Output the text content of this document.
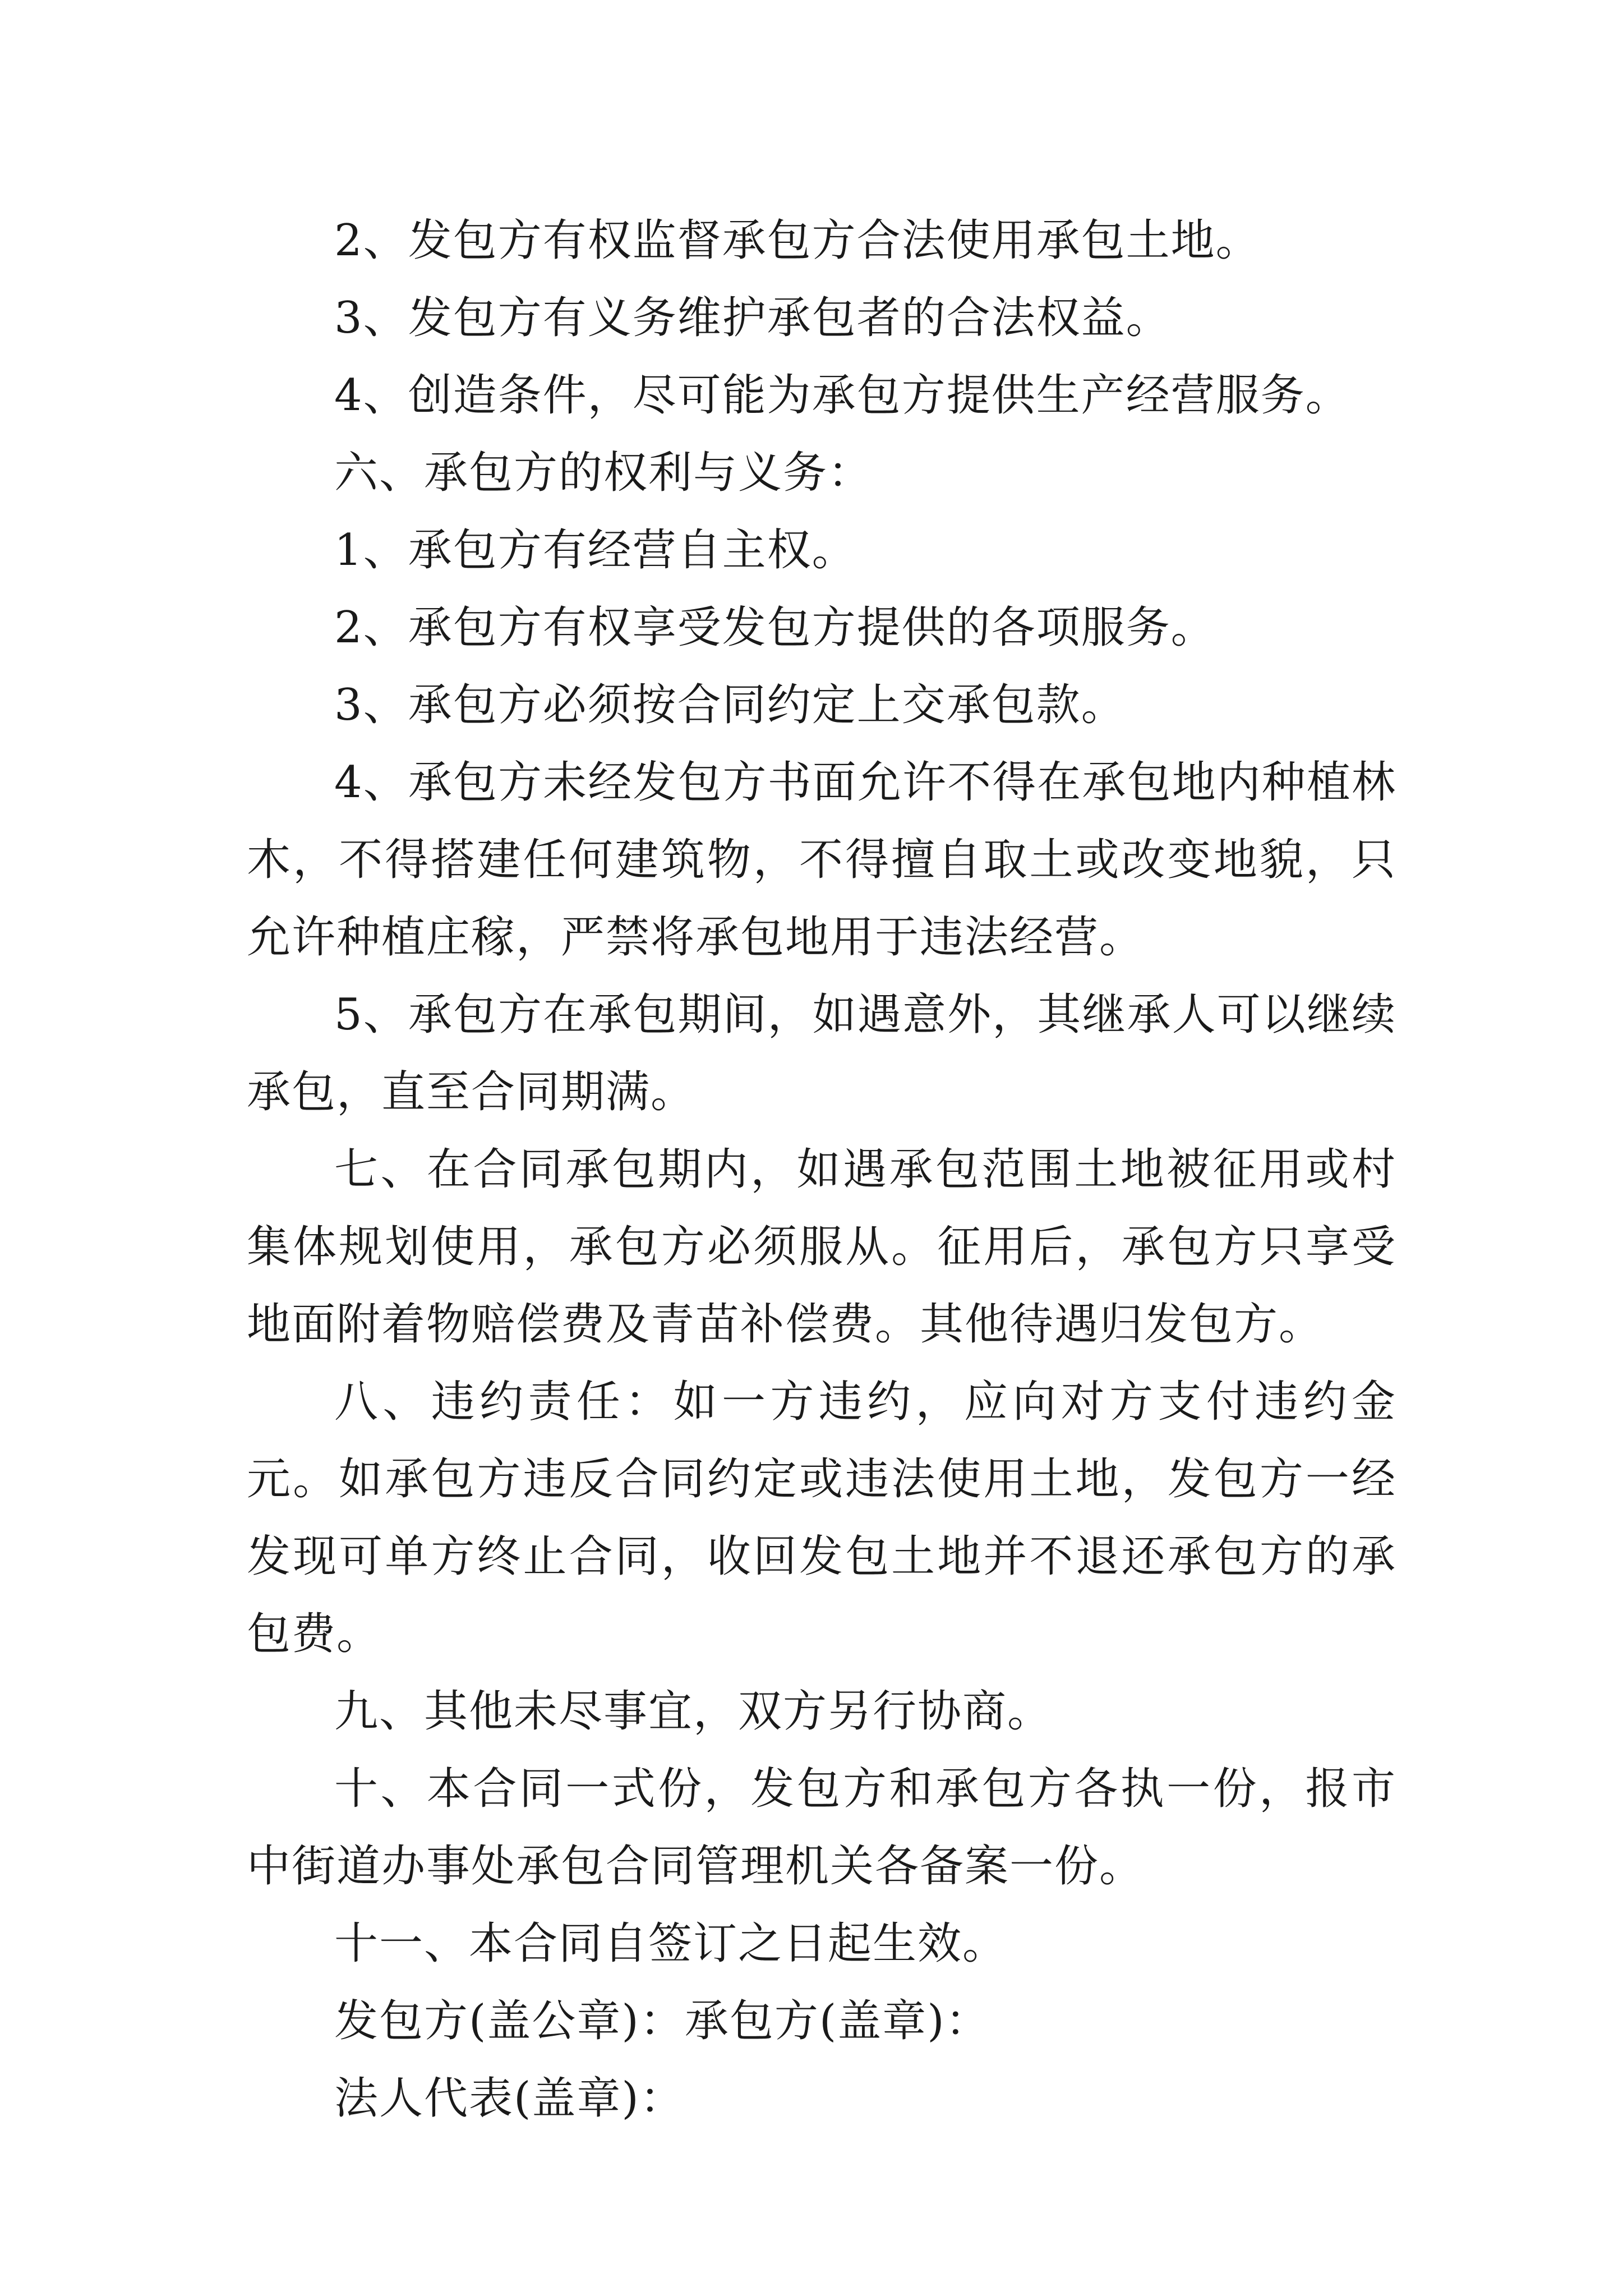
2、发包方有权监督承包方合法使用承包土地。

3、发包方有义务维护承包者的合法权益。

4、创造条件，尽可能为承包方提供生产经营服务。

六、承包方的权利与义务：

1、承包方有经营自主权。

2、承包方有权享受发包方提供的各项服务。

3、承包方必须按合同约定上交承包款。

4、承包方未经发包方书面允许不得在承包地内种植林木，不得搭建任何建筑物，不得擅自取土或改变地貌，只允许种植庄稼，严禁将承包地用于违法经营。

5、承包方在承包期间，如遇意外，其继承人可以继续承包，直至合同期满。

七、在合同承包期内，如遇承包范围土地被征用或村集体规划使用，承包方必须服从。征用后，承包方只享受地面附着物赔偿费及青苗补偿费。其他待遇归发包方。

八、违约责任：如一方违约，应向对方支付违约金元。如承包方违反合同约定或违法使用土地，发包方一经发现可单方终止合同，收回发包土地并不退还承包方的承包费。

九、其他未尽事宜，双方另行协商。

十、本合同一式份，发包方和承包方各执一份，报市中街道办事处承包合同管理机关各备案一份。

十一、本合同自签订之日起生效。

发包方(盖公章)：承包方(盖章)：

法人代表(盖章)：
